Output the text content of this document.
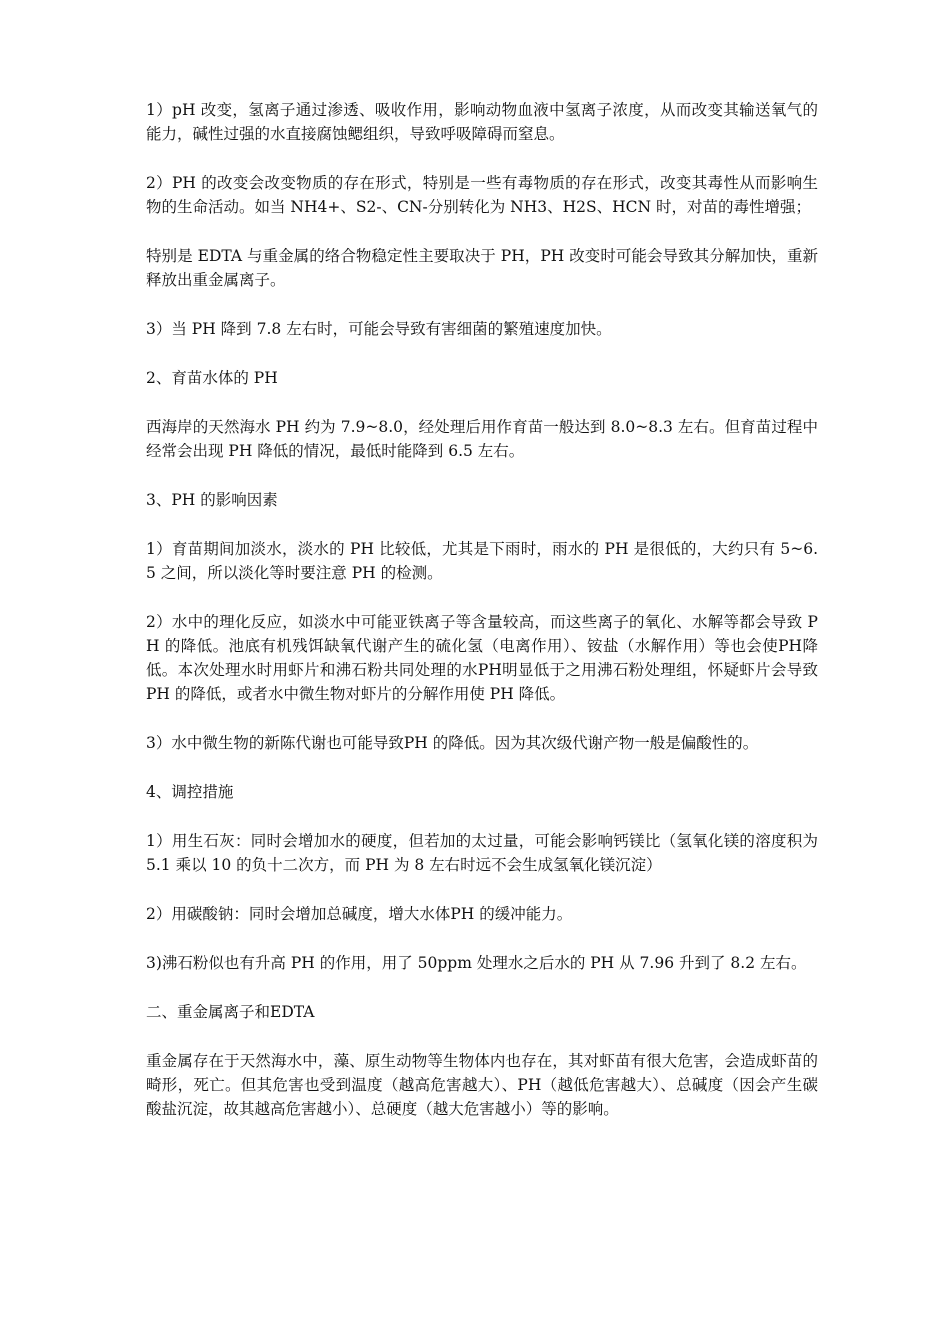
1）pH 改变，氢离子通过渗透、吸收作用，影响动物血液中氢离子浓度，从而改变其输送氧气的能力，碱性过强的水直接腐蚀鳃组织，导致呼吸障碍而窒息。

2）PH 的改变会改变物质的存在形式，特别是一些有毒物质的存在形式，改变其毒性从而影响生物的生命活动。如当 NH4+、S2-、CN-分别转化为 NH3、H2S、HCN 时，对苗的毒性增强；

特别是 EDTA 与重金属的络合物稳定性主要取决于 PH，PH 改变时可能会导致其分解加快，重新释放出重金属离子。

3）当 PH 降到 7.8 左右时，可能会导致有害细菌的繁殖速度加快。

2、育苗水体的 PH

西海岸的天然海水 PH 约为 7.9~8.0，经处理后用作育苗一般达到 8.0~8.3 左右。但育苗过程中经常会出现 PH 降低的情况，最低时能降到 6.5 左右。

3、PH 的影响因素

1）育苗期间加淡水，淡水的 PH 比较低，尤其是下雨时，雨水的 PH 是很低的，大约只有 5~6.5 之间，所以淡化等时要注意 PH 的检测。

2）水中的理化反应，如淡水中可能亚铁离子等含量较高，而这些离子的氧化、水解等都会导致 PH 的降低。池底有机残饵缺氧代谢产生的硫化氢（电离作用）、铵盐（水解作用）等也会使PH降低。本次处理水时用虾片和沸石粉共同处理的水PH明显低于之用沸石粉处理组，怀疑虾片会导致 PH 的降低，或者水中微生物对虾片的分解作用使 PH 降低。

3）水中微生物的新陈代谢也可能导致PH 的降低。因为其次级代谢产物一般是偏酸性的。

4、调控措施

1）用生石灰：同时会增加水的硬度，但若加的太过量，可能会影响钙镁比（氢氧化镁的溶度积为 5.1 乘以 10 的负十二次方，而 PH 为 8 左右时远不会生成氢氧化镁沉淀）

2）用碳酸钠：同时会增加总碱度，增大水体PH 的缓冲能力。

3)沸石粉似也有升高 PH 的作用，用了 50ppm 处理水之后水的 PH 从 7.96 升到了 8.2 左右。

二、重金属离子和EDTA

重金属存在于天然海水中，藻、原生动物等生物体内也存在，其对虾苗有很大危害，会造成虾苗的畸形，死亡。但其危害也受到温度（越高危害越大）、PH（越低危害越大）、总碱度（因会产生碳酸盐沉淀，故其越高危害越小）、总硬度（越大危害越小）等的影响。
